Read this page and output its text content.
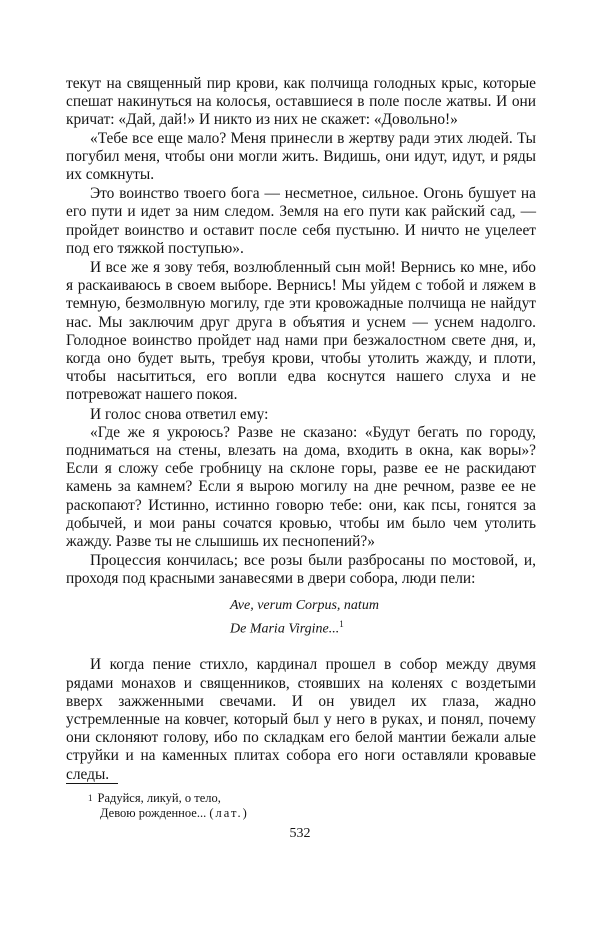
текут на священный пир крови, как полчища голодных крыс, которые спешат накинуться на колосья, оставшиеся в поле после жатвы. И они кричат: «Дай, дай!» И никто из них не скажет: «Довольно!»

«Тебе все еще мало? Меня принесли в жертву ради этих людей. Ты погубил меня, чтобы они могли жить. Видишь, они идут, идут, и ряды их сомкнуты.

Это воинство твоего бога — несметное, сильное. Огонь бушует на его пути и идет за ним следом. Земля на его пути как райский сад, — пройдет воинство и оставит после себя пустыню. И ничто не уцелеет под его тяжкой поступью».

И все же я зову тебя, возлюбленный сын мой! Вернись ко мне, ибо я раскаиваюсь в своем выборе. Вернись! Мы уйдем с тобой и ляжем в темную, безмолвную могилу, где эти кровожадные полчища не найдут нас. Мы заключим друг друга в объятия и уснем — уснем надолго. Голодное воинство пройдет над нами при безжалостном свете дня, и, когда оно будет выть, требуя крови, чтобы утолить жажду, и плоти, чтобы насытиться, его вопли едва коснутся нашего слуха и не потревожат нашего покоя.

И голос снова ответил ему:

«Где же я укроюсь? Разве не сказано: «Будут бегать по городу, подниматься на стены, влезать на дома, входить в окна, как воры»? Если я сложу себе гробницу на склоне горы, разве ее не раскидают камень за камнем? Если я вырою могилу на дне речном, разве ее не раскопают? Истинно, истинно говорю тебе: они, как псы, гонятся за добычей, и мои раны сочатся кровью, чтобы им было чем утолить жажду. Разве ты не слышишь их песнопений?»

Процессия кончилась; все розы были разбросаны по мостовой, и, проходя под красными занавесями в двери собора, люди пели:

Ave, verum Corpus, natum
De Maria Virgine...$^1$

И когда пение стихло, кардинал прошел в собор между двумя рядами монахов и священников, стоявших на коленях с воздетыми вверх зажженными свечами. И он увидел их глаза, жадно устремленные на ковчег, который был у него в руках, и понял, почему они склоняют голову, ибо по складкам его белой мантии бежали алые струйки и на каменных плитах собора его ноги оставляли кровавые следы.

$^1$ Радуйся, ликуй, о тело,
Девою рожденное... (лат.)
532
